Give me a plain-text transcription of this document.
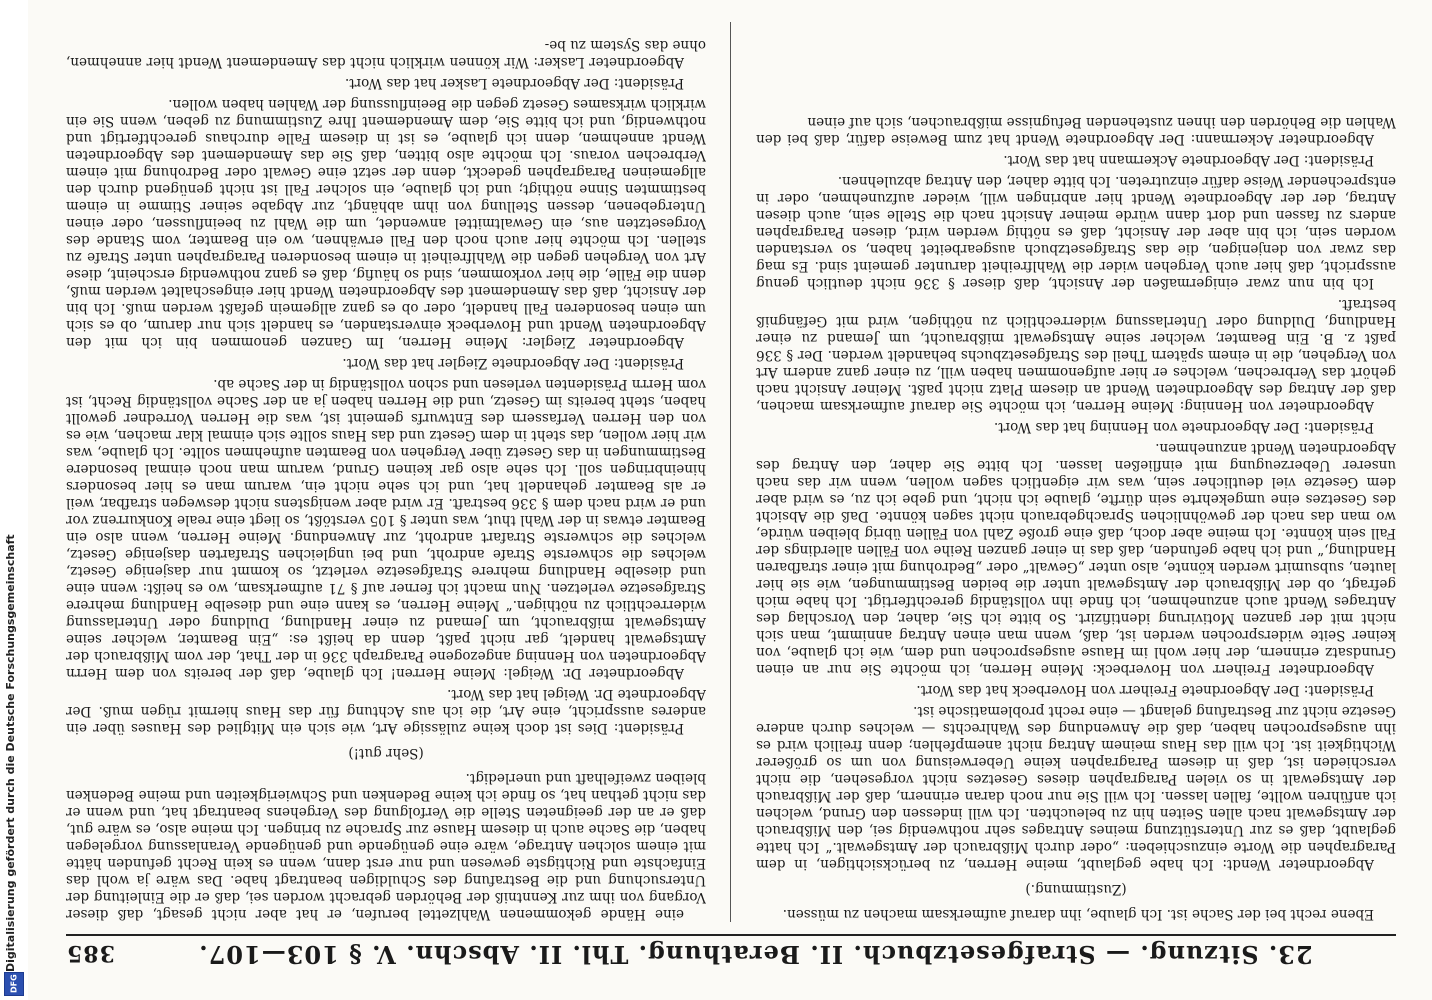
Digitalisierung gefördert durch die Deutsche Forschungsgemeinschaft
DFG
23. Sitzung. — Strafgesetzbuch. II. Berathung. Thl. II. Abschn. V. § 103—107.
385

Ebene recht bei der Sache ist. Ich glaube, ihn darauf aufmerksam machen zu müssen.

(Zustimmung.)

Abgeordneter Wendt: Ich habe geglaubt, meine Herren, zu berücksichtigen, in dem Paragraphen die Worte einzuschieben: „oder durch Mißbrauch der Amtsgewalt.“ Ich hatte geglaubt, daß es zur Unterstützung meines Antrages sehr nothwendig sei, den Mißbrauch der Amtsgewalt nach allen Seiten hin zu beleuchten. Ich will indessen den Grund, welchen ich anführen wollte, fallen lassen. Ich will Sie nur noch daran erinnern, daß der Mißbrauch der Amtsgewalt in so vielen Paragraphen dieses Gesetzes nicht vorgesehen, die nicht verschieden ist, daß in diesem Paragraphen keine Ueberweisung von um so größerer Wichtigkeit ist. Ich will das Haus meinem Antrag nicht anempfehlen; denn freilich wird es ihn ausgesprochen haben, daß die Anwendung des Wahlrechts — welches durch andere Gesetze nicht zur Bestrafung gelangt — eine recht problematische ist.

Präsident: Der Abgeordnete Freiherr von Hoverbeck hat das Wort.

Abgeordneter Freiherr von Hoverbeck: Meine Herren, ich möchte Sie nur an einen Grundsatz erinnern, der hier wohl im Hause ausgesprochen und dem, wie ich glaube, von keiner Seite widersprochen werden ist, daß, wenn man einen Antrag annimmt, man sich nicht mit der ganzen Motivirung identifizirt. So bitte ich Sie, daher, den Vorschlag des Antrages Wendt auch anzunehmen, ich finde ihn vollständig gerechtfertigt. Ich habe mich gefragt, ob der Mißbrauch der Amtsgewalt unter die beiden Bestimmungen, wie sie hier lauten, subsumirt werden könnte, also unter „Gewalt“ oder „Bedrohung mit einer strafbaren Handlung,“ und ich habe gefunden, daß das in einer ganzen Reihe von Fällen allerdings der Fall sein könnte. Ich meine aber doch, daß eine große Zahl von Fällen übrig bleiben würde, wo man das nach der gewöhnlichen Sprachgebrauch nicht sagen könnte. Daß die Absicht des Gesetzes eine umgekehrte sein dürfte, glaube ich nicht, und gebe ich zu, es wird aber dem Gesetze viel deutlicher sein, was wir eigentlich sagen wollen, wenn wir das nach unserer Ueberzeugung mit einfließen lassen. Ich bitte Sie daher, den Antrag des Abgeordneten Wendt anzunehmen.

Präsident: Der Abgeordnete von Henning hat das Wort.

Abgeordneter von Henning: Meine Herren, ich möchte Sie darauf aufmerksam machen, daß der Antrag des Abgeordneten Wendt an diesem Platz nicht paßt. Meiner Ansicht nach gehört das Verbrechen, welches er hier aufgenommen haben will, zu einer ganz andern Art von Vergehen, die in einem spätern Theil des Strafgesetzbuchs behandelt werden. Der § 336 paßt z. B. Ein Beamter, welcher seine Amtsgewalt mißbraucht, um Jemand zu einer Handlung, Duldung oder Unterlassung widerrechtlich zu nöthigen, wird mit Gefängniß bestraft.

Ich bin nun zwar einigermaßen der Ansicht, daß dieser § 336 nicht deutlich genug ausspricht, daß hier auch Vergehen wider die Wahlfreiheit darunter gemeint sind. Es mag das zwar von denjenigen, die das Strafgesetzbuch ausgearbeitet haben, so verstanden worden sein, ich bin aber der Ansicht, daß es nöthig werden wird, diesen Paragraphen anders zu fassen und dort dann würde meiner Ansicht nach die Stelle sein, auch diesen Antrag, der der Abgeordnete Wendt hier anbringen will, wieder aufzunehmen, oder in entsprechender Weise dafür einzutreten. Ich bitte daher, den Antrag abzulehnen.

Präsident: Der Abgeordnete Ackermann hat das Wort.

Abgeordneter Ackermann: Der Abgeordnete Wendt hat zum Beweise dafür, daß bei den Wahlen die Behörden den ihnen zustehenden Befugnisse mißbrauchen, sich auf einen

eine Hände gekommenen Wahlzettel berufen, er hat aber nicht gesagt, daß dieser Vorgang von ihm zur Kenntniß der Behörden gebracht worden sei, daß er die Einleitung der Untersuchung und die Bestrafung des Schuldigen beantragt habe. Das wäre ja wohl das Einfachste und Richtigste gewesen und nur erst dann, wenn es kein Recht gefunden hätte mit einem solchen Antrage, wäre eine genügende und genügende Veranlassung vorgelegen haben, die Sache auch in diesem Hause zur Sprache zu bringen. Ich meine also, es wäre gut, daß er an der geeigneten Stelle die Verfolgung des Vergehens beantragt hat, und wenn er das nicht gethan hat, so finde ich keine Bedenken und Schwierigkeiten und meine Bedenken bleiben zweifelhaft und unerledigt.

(Sehr gut!)

Präsident: Dies ist doch keine zulässige Art, wie sich ein Mitglied des Hauses über ein anderes ausspricht, eine Art, die ich aus Achtung für das Haus hiermit rügen muß. Der Abgeordnete Dr. Weigel hat das Wort.

Abgeordneter Dr. Weigel: Meine Herren! Ich glaube, daß der bereits von dem Herrn Abgeordneten von Henning angezogene Paragraph 336 in der That, der vom Mißbrauch der Amtsgewalt handelt, gar nicht paßt, denn da heißt es: „Ein Beamter, welcher seine Amtsgewalt mißbraucht, um Jemand zu einer Handlung, Duldung oder Unterlassung widerrechtlich zu nöthigen.“ Meine Herren, es kann eine und dieselbe Handlung mehrere Strafgesetze verletzen. Nun macht ich ferner auf § 71 aufmerksam, wo es heißt: wenn eine und dieselbe Handlung mehrere Strafgesetze verletzt, so kommt nur dasjenige Gesetz, welches die schwerste Strafe androht, und bei ungleichen Strafarten dasjenige Gesetz, welches die schwerste Strafart androht, zur Anwendung. Meine Herren, wenn also ein Beamter etwas in der Wahl thut, was unter § 105 verstößt, so liegt eine reale Konkurrenz vor und er wird nach dem § 336 bestraft. Er wird aber wenigstens nicht deswegen strafbar, weil er als Beamter gehandelt hat, und ich sehe nicht ein, warum man es hier besonders hineinbringen soll. Ich sehe also gar keinen Grund, warum man noch einmal besondere Bestimmungen in das Gesetz über Vergehen von Beamten aufnehmen sollte. Ich glaube, was wir hier wollen, das steht in dem Gesetz und das Haus sollte sich einmal klar machen, wie es von den Herren Verfassern des Entwurfs gemeint ist, was die Herren Vorredner gewollt haben, steht bereits im Gesetz, und die Herren haben ja an der Sache vollständig Recht, ist vom Herrn Präsidenten verlesen und schon vollständig in der Sache ab.

Präsident: Der Abgeordnete Ziegler hat das Wort.

Abgeordneter Ziegler: Meine Herren, Im Ganzen genommen bin ich mit den Abgeordneten Wendt und Hoverbeck einverstanden, es handelt sich nur darum, ob es sich um einen besonderen Fall handelt, oder ob es ganz allgemein gefaßt werden muß. Ich bin der Ansicht, daß das Amendement des Abgeordneten Wendt hier eingeschaltet werden muß, denn die Fälle, die hier vorkommen, sind so häufig, daß es ganz nothwendig erscheint, diese Art von Vergehen gegen die Wahlfreiheit in einem besonderen Paragraphen unter Strafe zu stellen. Ich möchte hier auch noch den Fall erwähnen, wo ein Beamter, vom Stande des Vorgesetzten aus, ein Gewaltmittel anwendet, um die Wahl zu beeinflussen, oder einen Untergebenen, dessen Stellung von ihm abhängt, zur Abgabe seiner Stimme in einem bestimmten Sinne nöthigt; und ich glaube, ein solcher Fall ist nicht genügend durch den allgemeinen Paragraphen gedeckt, denn der setzt eine Gewalt oder Bedrohung mit einem Verbrechen voraus. Ich möchte also bitten, daß Sie das Amendement des Abgeordneten Wendt annehmen, denn ich glaube, es ist in diesem Falle durchaus gerechtfertigt und nothwendig, und ich bitte Sie, dem Amendement Ihre Zustimmung zu geben, wenn Sie ein wirklich wirksames Gesetz gegen die Beeinflussung der Wahlen haben wollen.

Präsident: Der Abgeordnete Lasker hat das Wort.

Abgeordneter Lasker: Wir können wirklich nicht das Amendement Wendt hier annehmen, ohne das System zu be-
